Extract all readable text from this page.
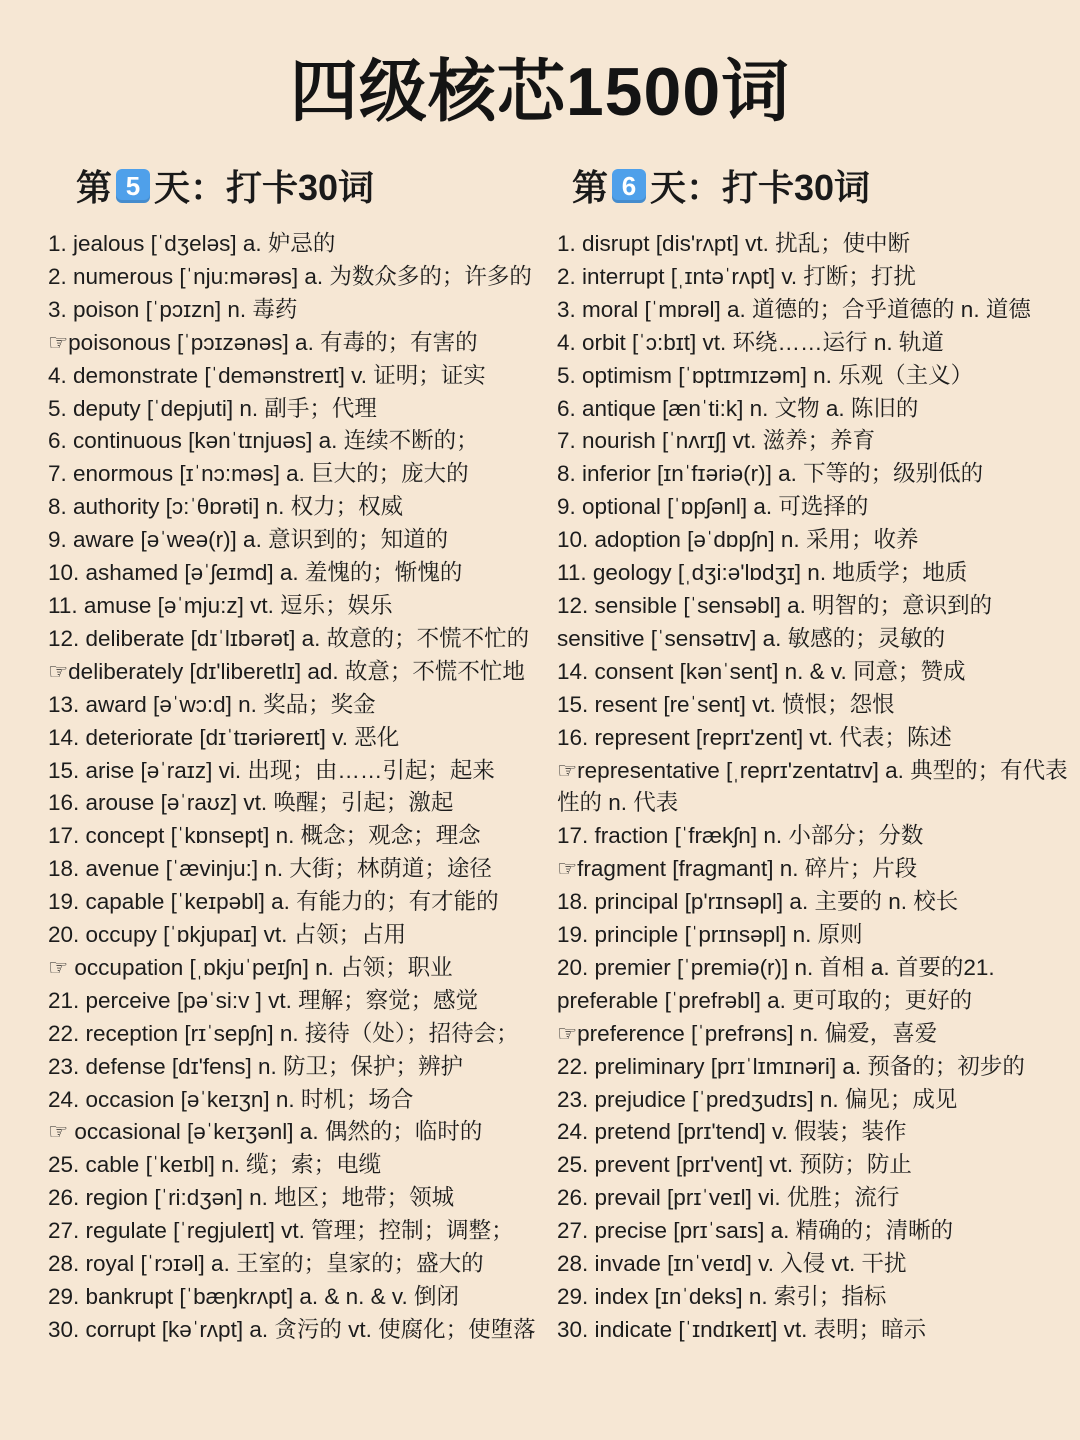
四级核芯1500词
第 5 天：打卡30词	第 6 天：打卡30词
1. jealous [ˈdʒeləs] a. 妒忌的
2. numerous [ˈnju:mərəs] a. 为数众多的；许多的
3. poison [ˈpɔɪzn] n. 毒药
☞poisonous [ˈpɔɪzənəs] a. 有毒的；有害的
4. demonstrate [ˈdemənstreɪt] v. 证明；证实
5. deputy [ˈdepjuti] n. 副手；代理
6. continuous [kənˈtɪnjuəs] a. 连续不断的；
7. enormous [ɪˈnɔ:məs] a. 巨大的；庞大的
8. authority [ɔ:ˈθɒrəti] n. 权力；权威
9. aware [əˈweə(r)] a. 意识到的；知道的
10. ashamed [əˈʃeɪmd] a. 羞愧的；惭愧的
11. amuse [əˈmju:z] vt. 逗乐；娱乐
12. deliberate [dɪˈlɪbərət] a. 故意的；不慌不忙的
☞deliberately [dɪ'liberetlɪ] ad. 故意；不慌不忙地
13. award [əˈwɔ:d] n. 奖品；奖金
14. deteriorate [dɪˈtɪəriəreɪt] v. 恶化
15. arise [əˈraɪz] vi. 出现；由……引起；起来
16. arouse [əˈraʊz] vt. 唤醒；引起；激起
17. concept [ˈkɒnsept] n. 概念；观念；理念
18. avenue [ˈævinju:] n. 大街；林荫道；途径
19. capable [ˈkeɪpəbl] a. 有能力的；有才能的
20. occupy [ˈɒkjupaɪ] vt. 占领；占用
☞ occupation [ˌɒkjuˈpeɪʃn] n. 占领；职业
21. perceive [pəˈsi:v ] vt. 理解；察觉；感觉
22. reception [rɪˈsepʃn] n. 接待（处）；招待会；
23. defense [dɪ'fens] n. 防卫；保护；辨护
24. occasion [əˈkeɪʒn] n. 时机；场合
☞ occasional [əˈkeɪʒənl] a. 偶然的；临时的
25. cable [ˈkeɪbl] n. 缆；索；电缆
26. region [ˈri:dʒən] n. 地区；地带；领城
27. regulate [ˈregjuleɪt] vt. 管理；控制；调整；
28. royal [ˈrɔɪəl] a. 王室的；皇家的；盛大的
29. bankrupt [ˈbæŋkrʌpt] a. & n. & v. 倒闭
30. corrupt [kəˈrʌpt] a. 贪污的 vt. 使腐化；使堕落
1. disrupt [dis'rʌpt] vt. 扰乱；使中断
2. interrupt [ˌɪntəˈrʌpt] v. 打断；打扰
3. moral [ˈmɒrəl] a. 道德的；合乎道德的 n. 道德
4. orbit [ˈɔ:bɪt] vt. 环绕……运行 n. 轨道
5. optimism [ˈɒptɪmɪzəm] n. 乐观（主义）
6. antique [ænˈti:k] n. 文物 a. 陈旧的
7. nourish [ˈnʌrɪʃ] vt. 滋养；养育
8. inferior [ɪnˈfɪəriə(r)] a. 下等的；级别低的
9. optional [ˈɒpʃənl] a. 可选择的
10. adoption [əˈdɒpʃn] n. 采用；收养
11. geology [ˌdʒi:ə'lɒdʒɪ] n. 地质学；地质
12. sensible [ˈsensəbl] a. 明智的；意识到的
sensitive [ˈsensətɪv] a. 敏感的；灵敏的
14. consent [kənˈsent] n. & v. 同意；赞成
15. resent [reˈsent] vt. 愤恨；怨恨
16. represent [reprɪ'zent] vt. 代表；陈述
☞representative [ˌreprɪ'zentatɪv] a. 典型的；有代表性的 n. 代表
17. fraction [ˈfrækʃn] n. 小部分；分数
☞fragment [fragmant] n. 碎片；片段
18. principal [p'rɪnsəpl] a. 主要的 n. 校长
19. principle [ˈprɪnsəpl] n. 原则
20. premier [ˈpremiə(r)] n. 首相 a. 首要的21. preferable [ˈprefrəbl] a. 更可取的；更好的
☞preference [ˈprefrəns] n. 偏爱，喜爱
22. preliminary [prɪˈlɪmɪnəri] a. 预备的；初步的
23. prejudice [ˈpredʒudɪs] n. 偏见；成见
24. pretend [prɪ'tend] v. 假装；装作
25. prevent [prɪ'vent] vt. 预防；防止
26. prevail [prɪˈveɪl] vi. 优胜；流行
27. precise [prɪˈsaɪs] a. 精确的；清晰的
28. invade [ɪnˈveɪd] v. 入侵 vt. 干扰
29. index [ɪnˈdeks] n. 索引；指标
30. indicate [ˈɪndɪkeɪt] vt. 表明；暗示
